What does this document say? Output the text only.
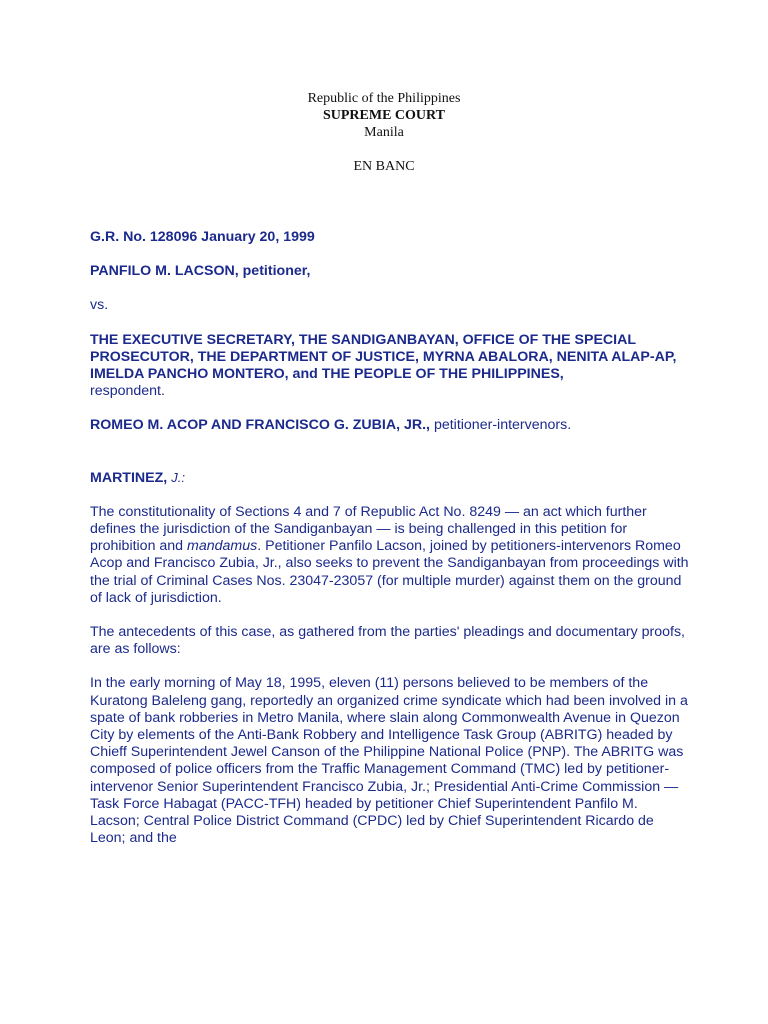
Republic of the Philippines
SUPREME COURT
Manila
EN BANC

G.R. No. 128096 January 20, 1999

PANFILO M. LACSON, petitioner,

vs.

THE EXECUTIVE SECRETARY, THE SANDIGANBAYAN, OFFICE OF THE SPECIAL PROSECUTOR, THE DEPARTMENT OF JUSTICE, MYRNA ABALORA, NENITA ALAP-AP, IMELDA PANCHO MONTERO, and THE PEOPLE OF THE PHILIPPINES,
respondent.

ROMEO M. ACOP AND FRANCISCO G. ZUBIA, JR., petitioner-intervenors.

MARTINEZ, J.:

The constitutionality of Sections 4 and 7 of Republic Act No. 8249 — an act which further defines the jurisdiction of the Sandiganbayan — is being challenged in this petition for prohibition and mandamus. Petitioner Panfilo Lacson, joined by petitioners-intervenors Romeo Acop and Francisco Zubia, Jr., also seeks to prevent the Sandiganbayan from proceedings with the trial of Criminal Cases Nos. 23047-23057 (for multiple murder) against them on the ground of lack of jurisdiction.

The antecedents of this case, as gathered from the parties' pleadings and documentary proofs, are as follows:

In the early morning of May 18, 1995, eleven (11) persons believed to be members of the Kuratong Baleleng gang, reportedly an organized crime syndicate which had been involved in a spate of bank robberies in Metro Manila, where slain along Commonwealth Avenue in Quezon City by elements of the Anti-Bank Robbery and Intelligence Task Group (ABRITG) headed by Chieff Superintendent Jewel Canson of the Philippine National Police (PNP). The ABRITG was composed of police officers from the Traffic Management Command (TMC) led by petitioner-intervenor Senior Superintendent Francisco Zubia, Jr.; Presidential Anti-Crime Commission — Task Force Habagat (PACC-TFH) headed by petitioner Chief Superintendent Panfilo M. Lacson; Central Police District Command (CPDC) led by Chief Superintendent Ricardo de Leon; and the
